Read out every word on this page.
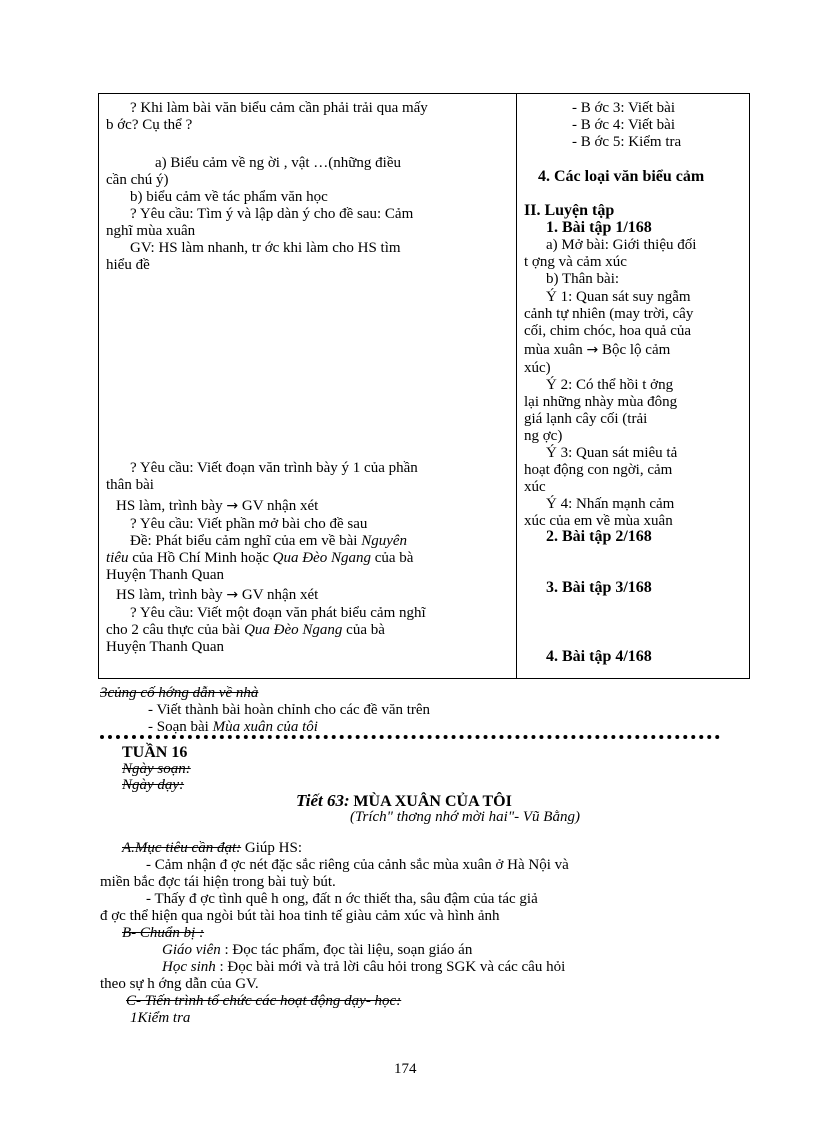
? Khi làm bài văn biểu cảm cần phải trải qua mấy
b ớc? Cụ thể ?
a) Biểu cảm về ng ời , vật …(những điều
cần chú ý)
b) biểu cảm về tác phẩm văn học
? Yêu cầu: Tìm ý và lập dàn ý cho đề sau: Cảm
nghĩ mùa xuân
GV: HS làm nhanh, tr ớc khi làm cho HS tìm
hiểu đề
? Yêu cầu: Viết đoạn văn trình bày ý 1 của phần
thân bài
HS làm, trình bày → GV nhận xét
? Yêu cầu: Viết phần mở bài cho đề sau
Đề: Phát biểu cảm nghĩ của em về bài Nguyên
tiêu của Hồ Chí Minh hoặc Qua Đèo Ngang của bà
Huyện Thanh Quan
HS làm, trình bày → GV nhận xét
? Yêu cầu: Viết một đoạn văn phát biểu cảm nghĩ
cho 2 câu thực của bài Qua Đèo Ngang của bà
Huyện Thanh Quan
- B ớc 3: Viết bài
- B ớc 4: Viết bài
- B ớc 5: Kiểm tra
4. Các loại văn biểu cảm
II. Luyện tập
1. Bài tập 1/168
a) Mở bài: Giới thiệu đối
t ợng và cảm xúc
b) Thân bài:
Ý 1: Quan sát suy ngẫm
cảnh tự nhiên (may trời, cây
cối, chim chóc, hoa quả của
mùa xuân → Bộc lộ cảm
xúc)
Ý 2: Có thể hồi t ởng
lại những nhày mùa đông
giá lạnh cây cối (trải
ng ợc)
Ý 3: Quan sát miêu tả
hoạt động con ngời, cảm
xúc
Ý 4: Nhấn mạnh cảm
xúc của em về mùa xuân
2. Bài tập 2/168
3. Bài tập 3/168
4. Bài tập 4/168
3củng cố hớng dẫn về nhà
- Viết thành bài hoàn chỉnh cho các đề văn trên
- Soạn bài Mùa xuân của tôi
TUẦN 16
Ngày soạn:
Ngày dạy:
Tiết 63: MÙA XUÂN CỦA TÔI
(Trích" thơng nhớ mời hai"- Vũ Bằng)
A.Mục tiêu cần đạt: Giúp HS:
- Cảm nhận đ ợc nét đặc sắc riêng của cảnh sắc mùa xuân ở Hà Nội và
miền bắc đợc tái hiện trong bài tuỳ bút.
- Thấy đ ợc tình quê h ong, đất n ớc thiết tha, sâu đậm của tác giả
đ ợc thể hiện qua ngòi bút tài hoa tinh tế giàu cảm xúc và hình ảnh
B- Chuẩn bị :
Giáo viên : Đọc tác phẩm, đọc tài liệu, soạn giáo án
Học sinh : Đọc bài mới và trả lời câu hỏi trong SGK và các câu hỏi
theo sự h ớng dẫn của GV.
C- Tiến trình tổ chức các hoạt động dạy- học:
1Kiểm tra
174
